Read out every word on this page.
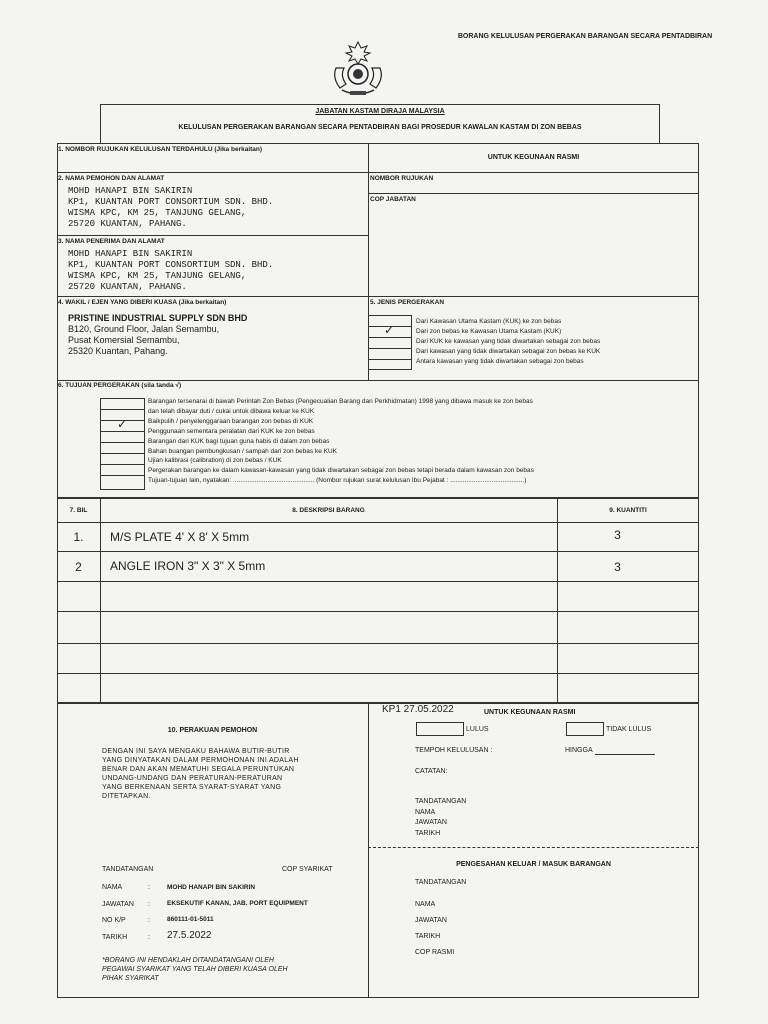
BORANG KELULUSAN PERGERAKAN BARANGAN SECARA PENTADBIRAN
JABATAN KASTAM DIRAJA MALAYSIA
KELULUSAN PERGERAKAN BARANGAN SECARA PENTADBIRAN BAGI PROSEDUR KAWALAN KASTAM DI ZON BEBAS
1. NOMBOR RUJUKAN KELULUSAN TERDAHULU (Jika berkaitan)
UNTUK KEGUNAAN RASMI
NOMBOR RUJUKAN
COP JABATAN
2. NAMA PEMOHON DAN ALAMAT
MOHD HANAPI BIN SAKIRIN
KP1, KUANTAN PORT CONSORTIUM SDN. BHD.
WISMA KPC, KM 25, TANJUNG GELANG,
25720 KUANTAN, PAHANG.
3. NAMA PENERIMA DAN ALAMAT
MOHD HANAPI BIN SAKIRIN
KP1, KUANTAN PORT CONSORTIUM SDN. BHD.
WISMA KPC, KM 25, TANJUNG GELANG,
25720 KUANTAN, PAHANG.
4. WAKIL / EJEN YANG DIBERI KUASA (Jika berkaitan)
PRISTINE INDUSTRIAL SUPPLY SDN BHD
B120, Ground Floor, Jalan Semambu,
Pusat Komersial Semambu,
25320 Kuantan, Pahang.
5. JENIS PERGERAKAN
✓
Dari Kawasan Utama Kastam (KUK) ke zon bebas
Dari zon bebas ke Kawasan Utama Kastam (KUK)
Dari KUK ke kawasan yang tidak diwartakan sebagai zon bebas
Dari kawasan yang tidak diwartakan sebagai zon bebas ke KUK
Antara kawasan yang tidak diwartakan sebagai zon bebas
6. TUJUAN PERGERAKAN (sila tanda √)
✓
Barangan tersenarai di bawah Perintah Zon Bebas (Pengecualian Barang dan Perkhidmatan) 1998 yang dibawa masuk ke zon bebas
dan telah dibayar duti / cukai untuk dibawa keluar ke KUK
Baikpulih / penyelenggaraan barangan zon bebas di KUK
Penggunaan sementara peralatan dari KUK ke zon bebas
Barangan dari KUK bagi tujuan guna habis di dalam zon bebas
Bahan buangan pembungkusan / sampah dari zon bebas ke KUK
Ujian kalibrasi (calibration) di zon bebas / KUK
Pergerakan barangan ke dalam kawasan-kawasan yang tidak diwartakan sebagai zon bebas tetapi berada dalam kawasan zon bebas
Tujuan-tujuan lain, nyatakan: ............................................. (Nombor rujukan surat kelulusan Ibu Pejabat : .........................................)
7. BIL	8. DESKRIPSI BARANG	9. KUANTITI
1.	M/S PLATE 4' X 8' X 5mm	3
2	ANGLE IRON 3" X 3" X 5mm	3
10. PERAKUAN PEMOHON
DENGAN INI SAYA MENGAKU BAHAWA BUTIR-BUTIR
YANG DINYATAKAN DALAM PERMOHONAN INI ADALAH
BENAR DAN AKAN MEMATUHI SEGALA PERUNTUKAN
UNDANG-UNDANG DAN PERATURAN-PERATURAN
YANG BERKENAAN SERTA SYARAT-SYARAT YANG
DITETAPKAN.
TANDATANGAN	COP SYARIKAT
NAMA	:	MOHD HANAPI BIN SAKIRIN
JAWATAN :	EKSEKUTIF KANAN, JAB. PORT EQUIPMENT
NO K/P	:	860111-01-5011
TARIKH	: 27.5.2022
*BORANG INI HENDAKLAH DITANDATANGANI OLEH
PEGAWAI SYARIKAT YANG TELAH DIBERI KUASA OLEH
PIHAK SYARIKAT
KP1 27.05.2022	UNTUK KEGUNAAN RASMI
LULUS	TIDAK LULUS
TEMPOH KELULUSAN :	HINGGA
CATATAN:
TANDATANGAN
NAMA
JAWATAN
TARIKH
PENGESAHAN KELUAR / MASUK BARANGAN
TANDATANGAN
NAMA
JAWATAN
TARIKH
COP RASMI
